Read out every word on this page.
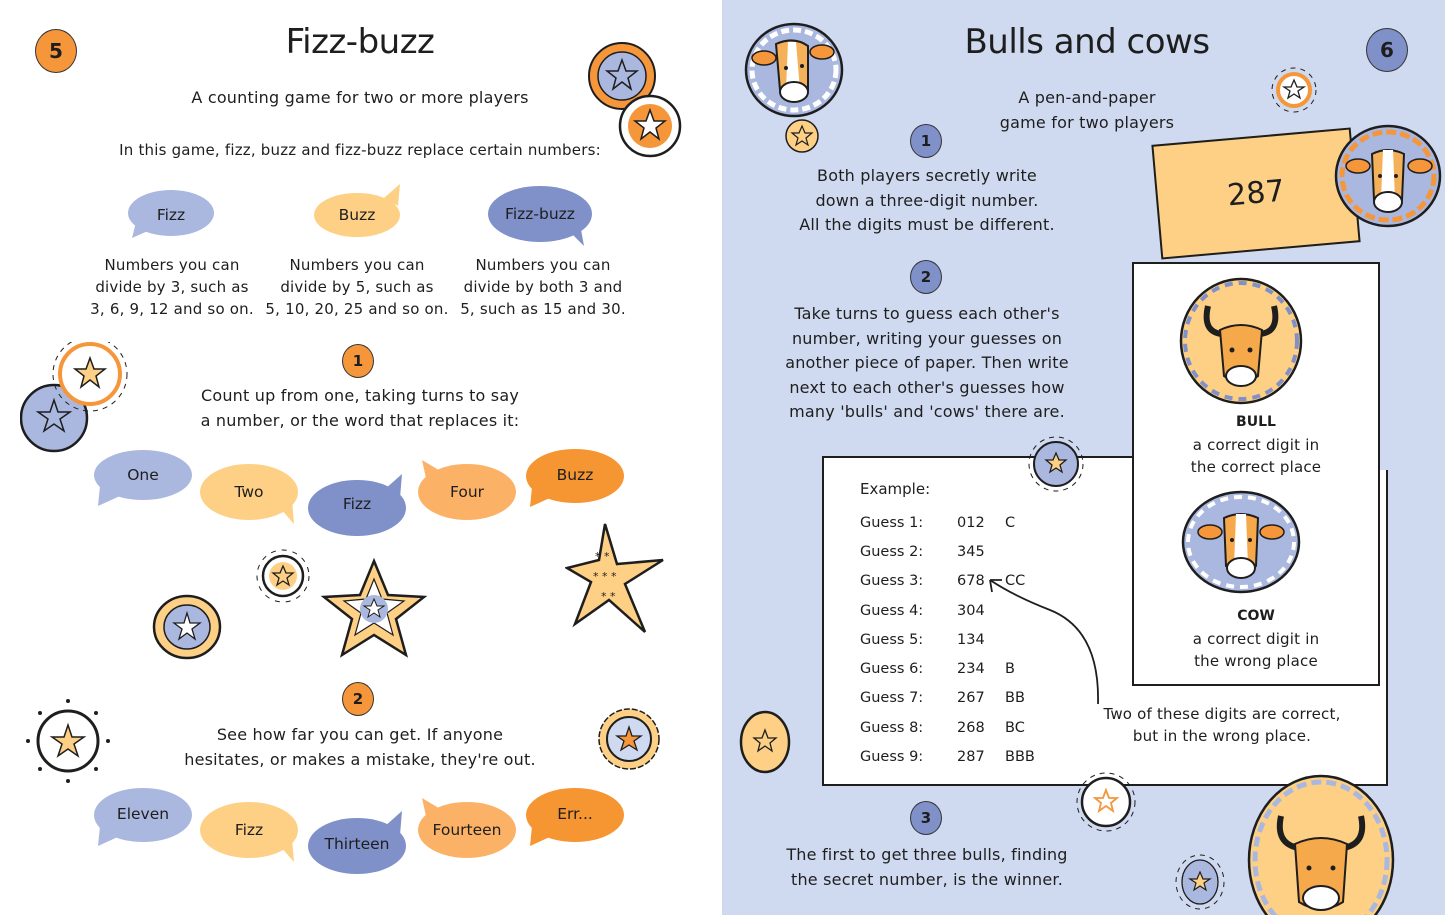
5	Fizz-buzz
A counting game for two or more players
In this game, fizz, buzz and fizz-buzz replace certain numbers:
Fizz	Buzz	Fizz-buzz
Numbers you can
divide by 3, such as
3, 6, 9, 12 and so on.
Numbers you can
divide by 5, such as
5, 10, 20, 25 and so on.
Numbers you can
divide by both 3 and
5, such as 15 and 30.
1
Count up from one, taking turns to say
a number, or the word that replaces it:
One
Two
Fizz
Four
Buzz
* *
* * *
* *
2
See how far you can get. If anyone
hesitates, or makes a mistake, they're out.
Eleven
Fizz
Thirteen
Fourteen
Err...
Bulls and cows	6
A pen-and-paper
game for two players
1
Both players secretly write
down a three-digit number.
All the digits must be different.
2
Take turns to guess each other's
number, writing your guesses on
another piece of paper. Then write
next to each other's guesses how
many 'bulls' and 'cows' there are.
287
BULL
a correct digit in
the correct place
COW
a correct digit in
the wrong place
Example:
Guess 1:	012	C
Guess 2:	345
Guess 3:	678	CC
Guess 4:	304
Guess 5:	134
Guess 6:	234	B
Guess 7:	267	BB
Guess 8:	268	BC
Guess 9:	287	BBB
Two of these digits are correct,
but in the wrong place.
3
The first to get three bulls, finding
the secret number, is the winner.
